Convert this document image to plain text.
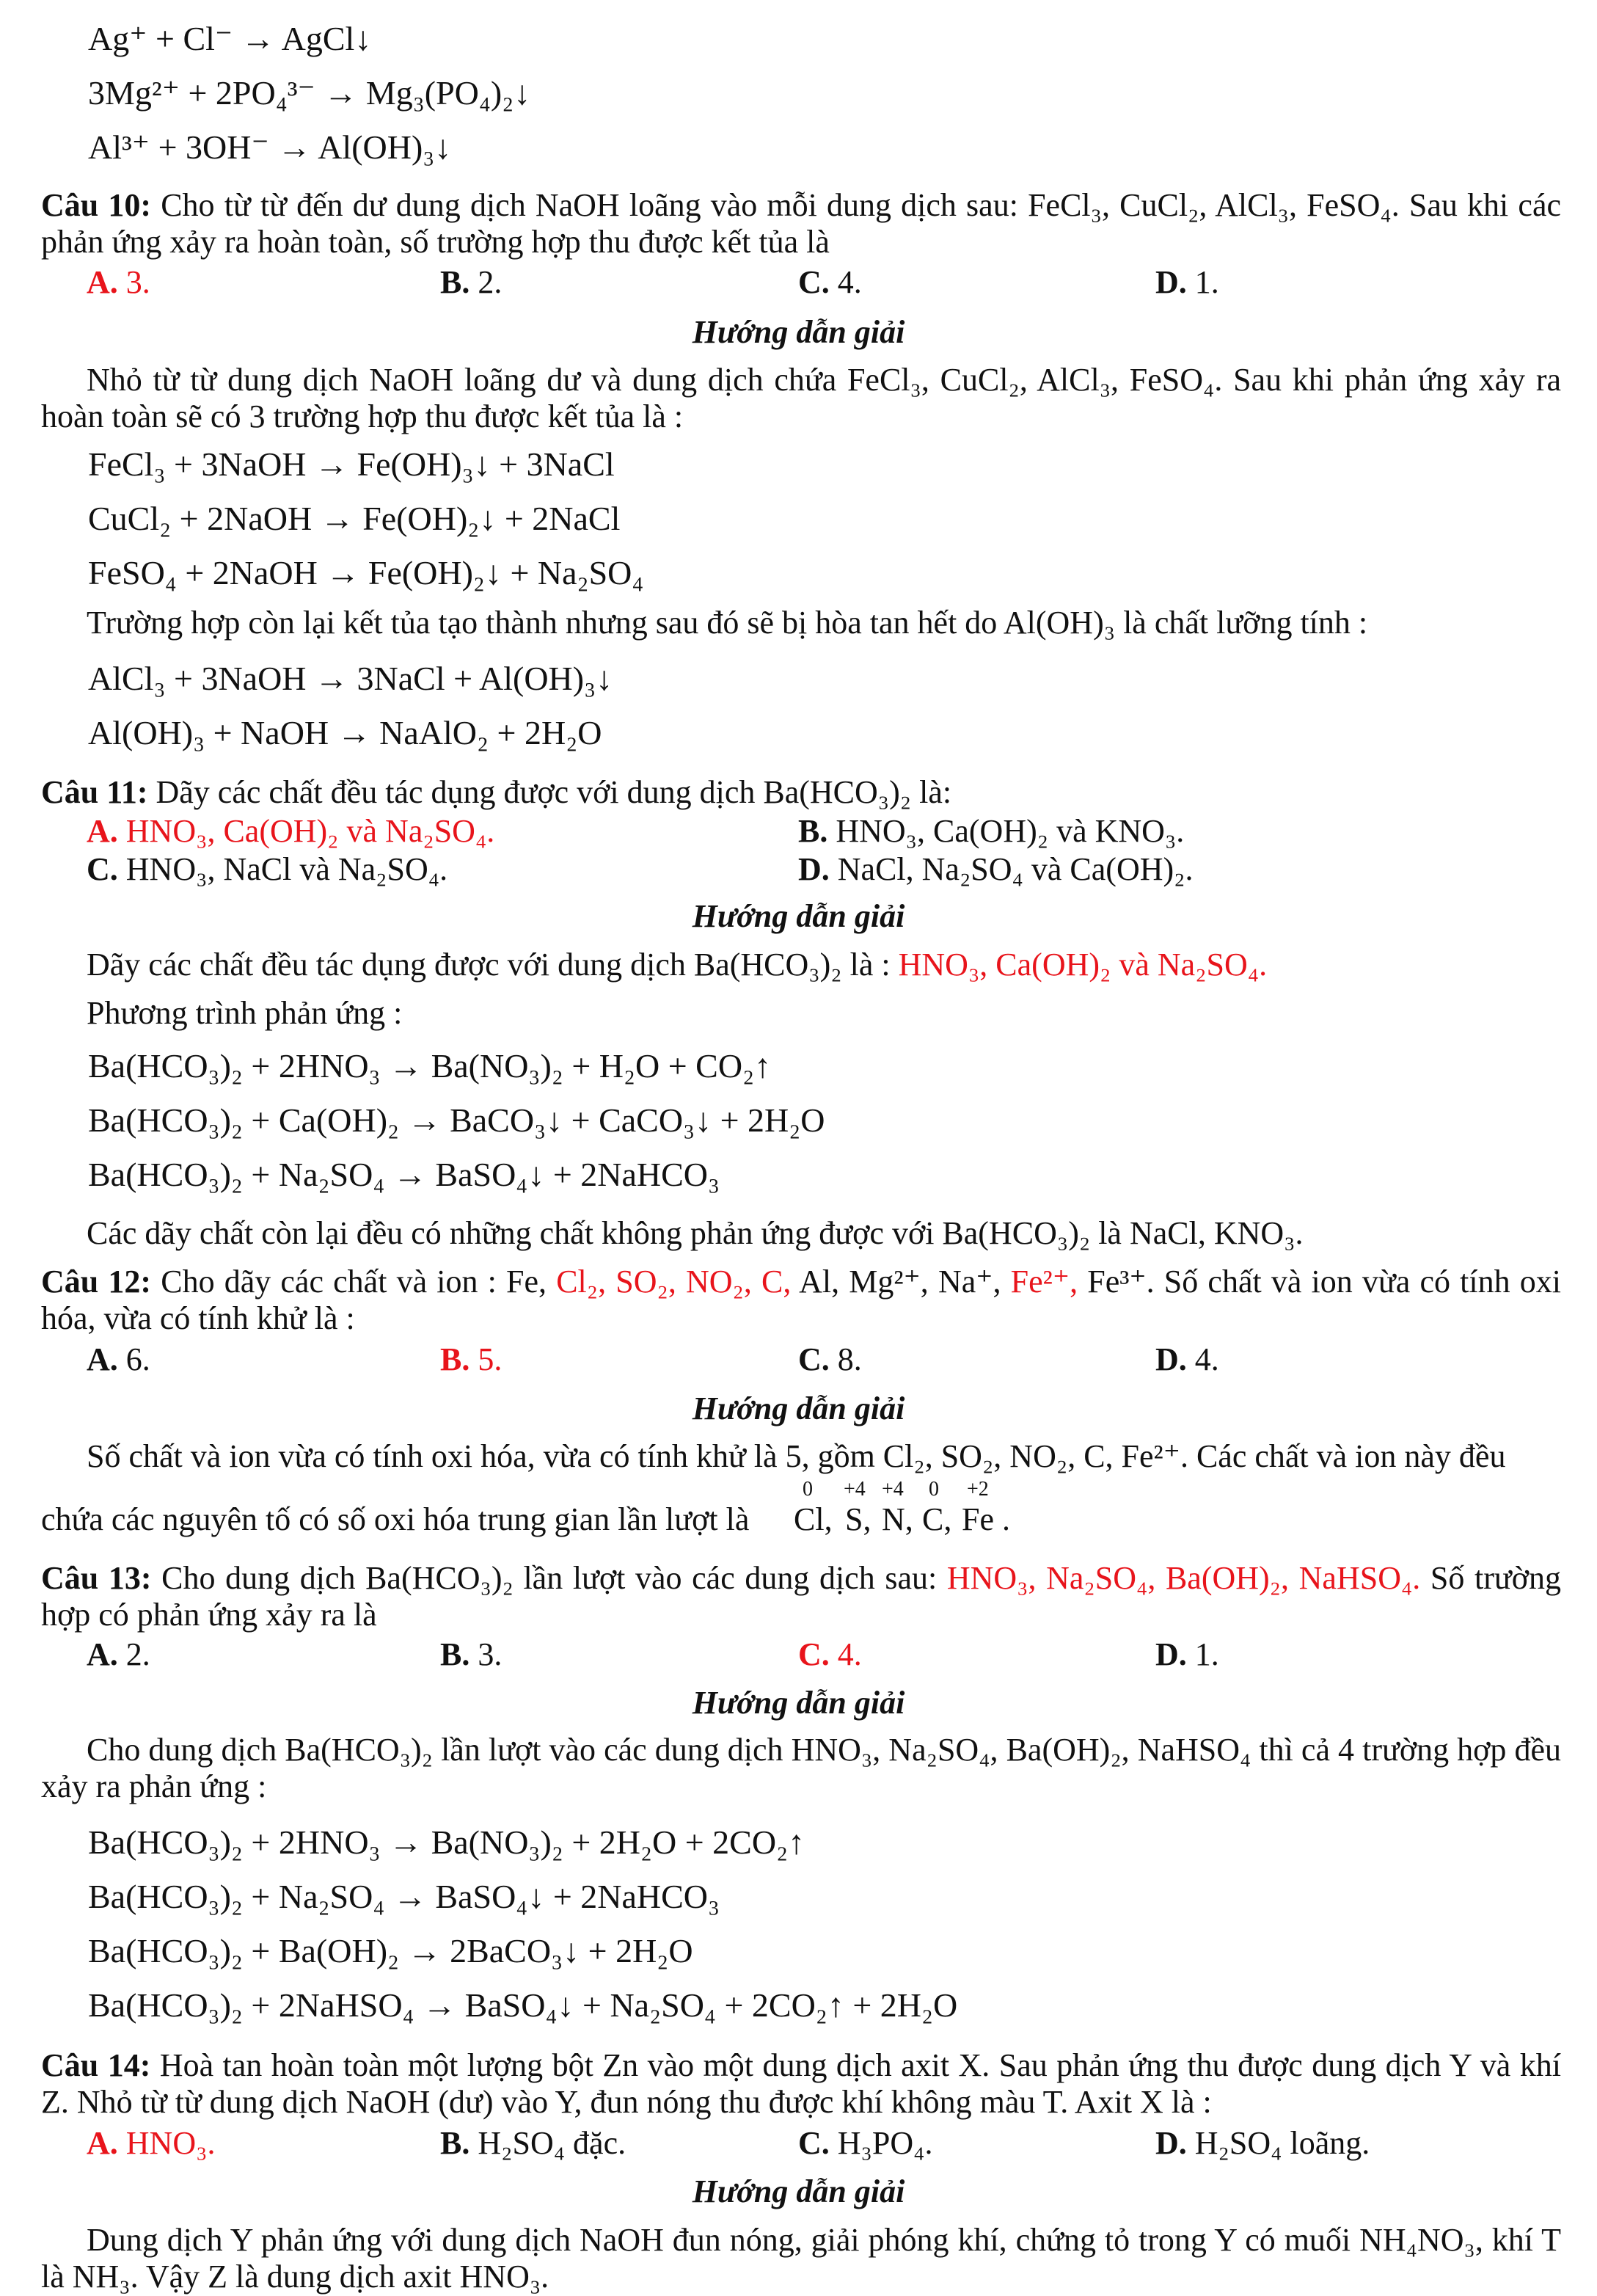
Ag⁺ + Cl⁻ → AgCl↓
3Mg²⁺ + 2PO₄³⁻ → Mg₃(PO₄)₂↓
Al³⁺ + 3OH⁻ → Al(OH)₃↓
Câu 10: Cho từ từ đến dư dung dịch NaOH loãng vào mỗi dung dịch sau: FeCl₃, CuCl₂, AlCl₃, FeSO₄. Sau khi các phản ứng xảy ra hoàn toàn, số trường hợp thu được kết tủa là
A. 3.	B. 2.	C. 4.	D. 1.
Hướng dẫn giải
Nhỏ từ từ dung dịch NaOH loãng dư và dung dịch chứa FeCl₃, CuCl₂, AlCl₃, FeSO₄. Sau khi phản ứng xảy ra hoàn toàn sẽ có 3 trường hợp thu được kết tủa là :
FeCl₃ + 3NaOH → Fe(OH)₃↓ + 3NaCl
CuCl₂ + 2NaOH → Fe(OH)₂↓ + 2NaCl
FeSO₄ + 2NaOH → Fe(OH)₂↓ + Na₂SO₄
Trường hợp còn lại kết tủa tạo thành nhưng sau đó sẽ bị hòa tan hết do Al(OH)₃ là chất lưỡng tính :
AlCl₃ + 3NaOH → 3NaCl + Al(OH)₃↓
Al(OH)₃ + NaOH → NaAlO₂ + 2H₂O
Câu 11: Dãy các chất đều tác dụng được với dung dịch Ba(HCO₃)₂ là:
A. HNO₃, Ca(OH)₂ và Na₂SO₄.	B. HNO₃, Ca(OH)₂ và KNO₃.
C. HNO₃, NaCl và Na₂SO₄.	D. NaCl, Na₂SO₄ và Ca(OH)₂.
Hướng dẫn giải
Dãy các chất đều tác dụng được với dung dịch Ba(HCO₃)₂ là : HNO₃, Ca(OH)₂ và Na₂SO₄.
Phương trình phản ứng :
Ba(HCO₃)₂ + 2HNO₃ → Ba(NO₃)₂ + H₂O + CO₂↑
Ba(HCO₃)₂ + Ca(OH)₂ → BaCO₃↓ + CaCO₃↓ + 2H₂O
Ba(HCO₃)₂ + Na₂SO₄ → BaSO₄↓ + 2NaHCO₃
Các dãy chất còn lại đều có những chất không phản ứng được với Ba(HCO₃)₂ là NaCl, KNO₃.
Câu 12: Cho dãy các chất và ion : Fe, Cl₂, SO₂, NO₂, C, Al, Mg²⁺, Na⁺, Fe²⁺, Fe³⁺. Số chất và ion vừa có tính oxi hóa, vừa có tính khử là :
A. 6.	B. 5.	C. 8.	D. 4.
Hướng dẫn giải
Số chất và ion vừa có tính oxi hóa, vừa có tính khử là 5, gồm Cl₂, SO₂, NO₂, C, Fe²⁺. Các chất và ion này đều
chứa các nguyên tố có số oxi hóa trung gian lần lượt là	Cl, S, N, C, Fe .
0 +4 +4 0 +2
Câu 13: Cho dung dịch Ba(HCO₃)₂ lần lượt vào các dung dịch sau: HNO₃, Na₂SO₄, Ba(OH)₂, NaHSO₄. Số trường hợp có phản ứng xảy ra là
A. 2.	B. 3.	C. 4.	D. 1.
Hướng dẫn giải
Cho dung dịch Ba(HCO₃)₂ lần lượt vào các dung dịch HNO₃, Na₂SO₄, Ba(OH)₂, NaHSO₄ thì cả 4 trường hợp đều xảy ra phản ứng :
Ba(HCO₃)₂ + 2HNO₃ → Ba(NO₃)₂ + 2H₂O + 2CO₂↑
Ba(HCO₃)₂ + Na₂SO₄ → BaSO₄↓ + 2NaHCO₃
Ba(HCO₃)₂ + Ba(OH)₂ → 2BaCO₃↓ + 2H₂O
Ba(HCO₃)₂ + 2NaHSO₄ → BaSO₄↓ + Na₂SO₄ + 2CO₂↑ + 2H₂O
Câu 14: Hoà tan hoàn toàn một lượng bột Zn vào một dung dịch axit X. Sau phản ứng thu được dung dịch Y và khí Z. Nhỏ từ từ dung dịch NaOH (dư) vào Y, đun nóng thu được khí không màu T. Axit X là :
A. HNO₃.	B. H₂SO₄ đặc.	C. H₃PO₄.	D. H₂SO₄ loãng.
Hướng dẫn giải
Dung dịch Y phản ứng với dung dịch NaOH đun nóng, giải phóng khí, chứng tỏ trong Y có muối NH₄NO₃, khí T là NH₃. Vậy Z là dung dịch axit HNO₃.
